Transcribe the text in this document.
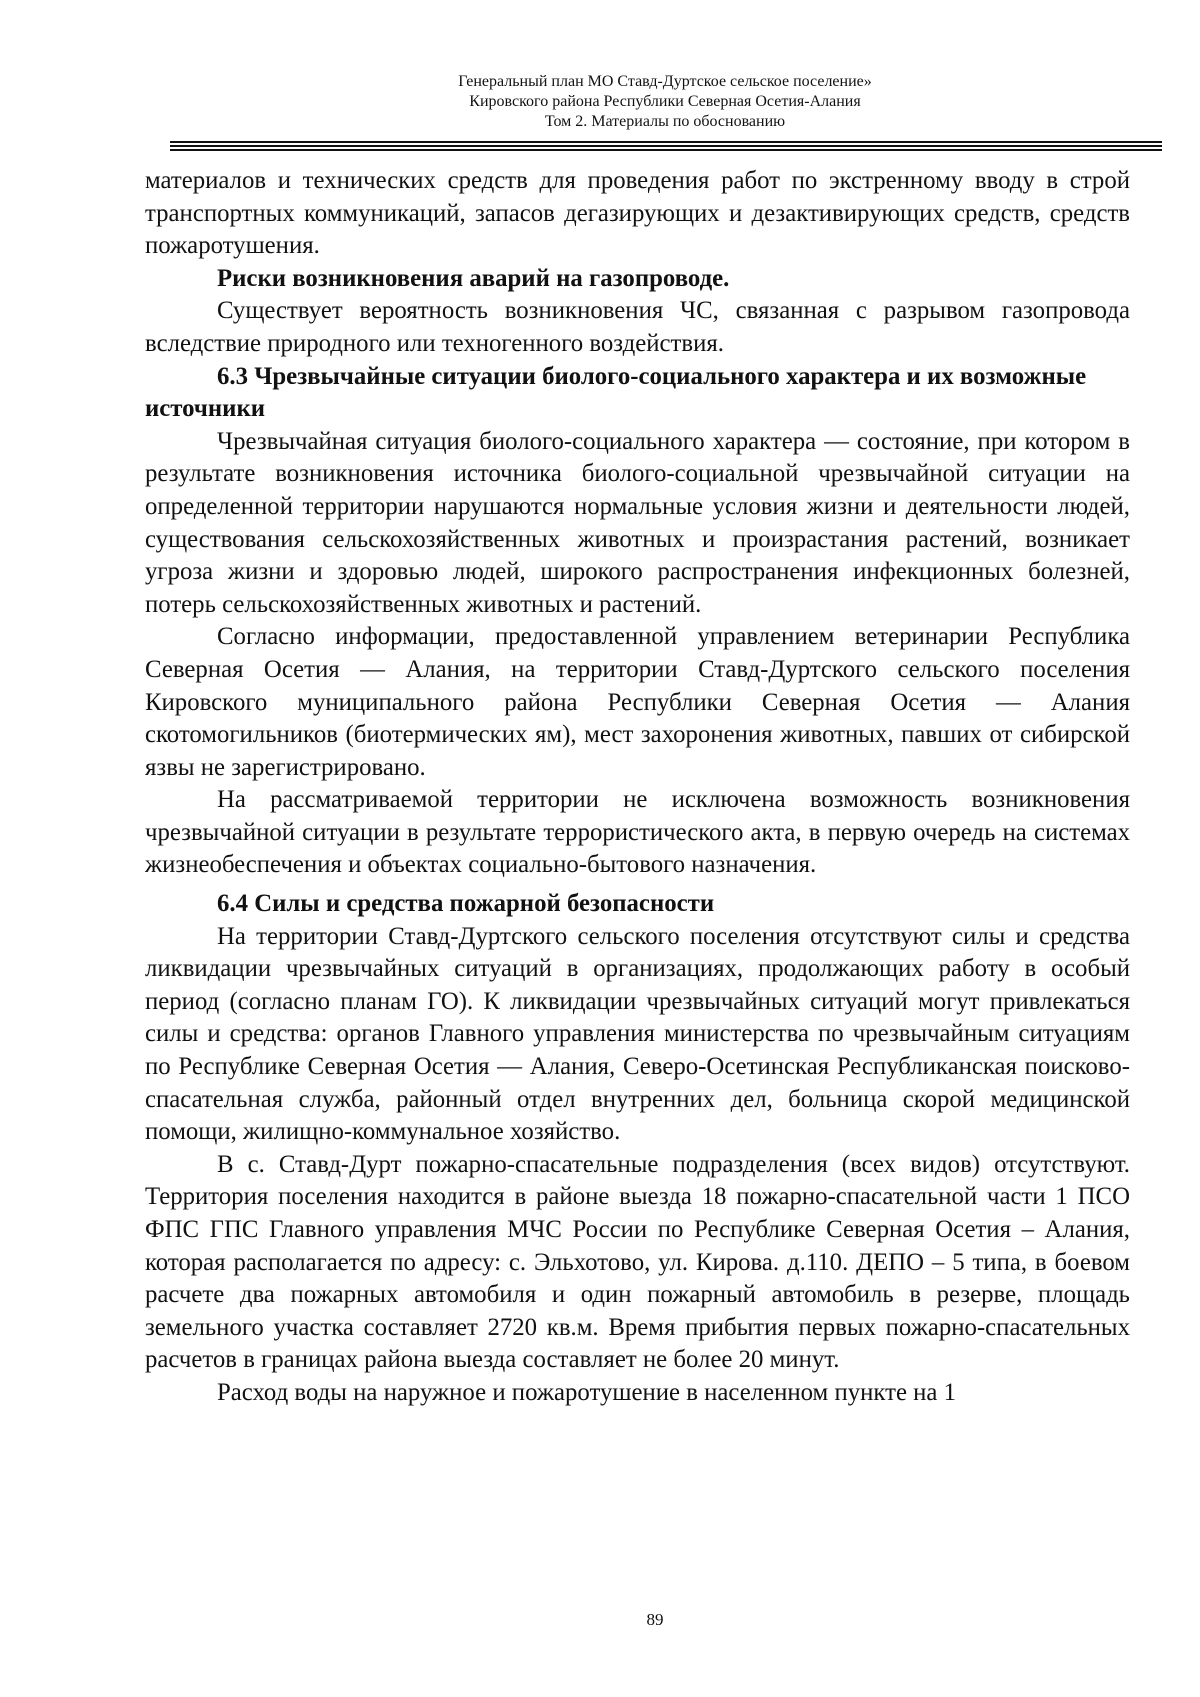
Генеральный план МО Ставд-Дуртское сельское поселение»
Кировского района Республики Северная Осетия-Алания
Том 2. Материалы по обоснованию

материалов и технических средств для проведения работ по экстренному вводу в строй транспортных коммуникаций, запасов дегазирующих и дезактивирующих средств, средств пожаротушения.

Риски возникновения аварий на газопроводе.

Существует вероятность возникновения ЧС, связанная с разрывом газопровода вследствие природного или техногенного воздействия.

6.3 Чрезвычайные ситуации биолого-социального характера и их возможные источники

Чрезвычайная ситуация биолого-социального характера — состояние, при котором в результате возникновения источника биолого-социальной чрезвычайной ситуации на определенной территории нарушаются нормальные условия жизни и деятельности людей, существования сельскохозяйственных животных и произрастания растений, возникает угроза жизни и здоровью людей, широкого распространения инфекционных болезней, потерь сельскохозяйственных животных и растений.

Согласно информации, предоставленной управлением ветеринарии Республика Северная Осетия — Алания, на территории Ставд-Дуртского сельского поселения Кировского муниципального района Республики Северная Осетия — Алания скотомогильников (биотермических ям), мест захоронения животных, павших от сибирской язвы не зарегистрировано.

На рассматриваемой территории не исключена возможность возникновения чрезвычайной ситуации в результате террористического акта, в первую очередь на системах жизнеобеспечения и объектах социально-бытового назначения.

6.4 Силы и средства пожарной безопасности

На территории Ставд-Дуртского сельского поселения отсутствуют силы и средства ликвидации чрезвычайных ситуаций в организациях, продолжающих работу в особый период (согласно планам ГО). К ликвидации чрезвычайных ситуаций могут привлекаться силы и средства: органов Главного управления министерства по чрезвычайным ситуациям по Республике Северная Осетия — Алания, Северо-Осетинская Республиканская поисково-спасательная служба, районный отдел внутренних дел, больница скорой медицинской помощи, жилищно-коммунальное хозяйство.

В с. Ставд-Дурт пожарно-спасательные подразделения (всех видов) отсутствуют. Территория поселения находится в районе выезда 18 пожарно-спасательной части 1 ПСО ФПС ГПС Главного управления МЧС России по Республике Северная Осетия – Алания, которая располагается по адресу: с. Эльхотово, ул. Кирова. д.110. ДЕПО – 5 типа, в боевом расчете два пожарных автомобиля и один пожарный автомобиль в резерве, площадь земельного участка составляет 2720 кв.м. Время прибытия первых пожарно-спасательных расчетов в границах района выезда составляет не более 20 минут.

Расход воды на наружное и пожаротушение в населенном пункте на 1

89
